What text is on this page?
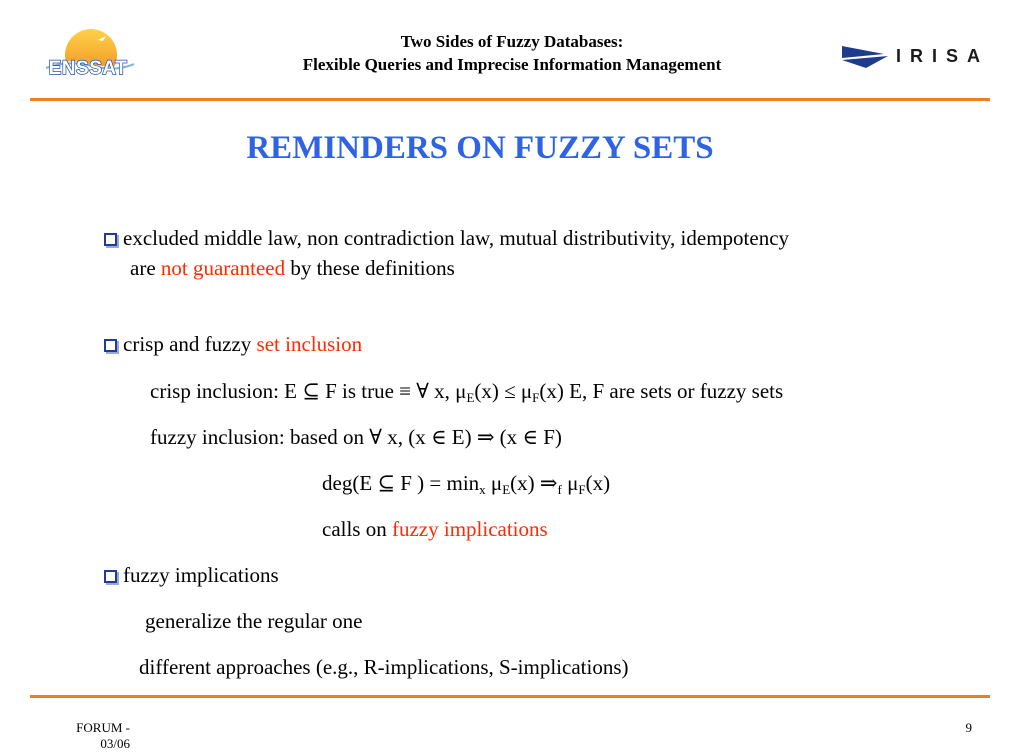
ENSSAT
Two Sides of Fuzzy Databases:
Flexible Queries and Imprecise Information Management	IRISA
REMINDERS ON FUZZY SETS
excluded middle law, non contradiction law, mutual distributivity, idempotency
are not guaranteed by these definitions
crisp and fuzzy set inclusion
crisp inclusion: E ⊆ F is true ≡ ∀ x, $\mu_E(x) \le \mu_F(x)$ E, F are sets or fuzzy sets
fuzzy inclusion: based on ∀ x, (x ∈ E) ⇒ (x ∈ F)
deg(E ⊆ F ) = $\min_x \mu_E(x)$ $\Rightarrow_f$ $\mu_F(x)$
calls on fuzzy implications
fuzzy implications
generalize the regular one
different approaches (e.g., R-implications, S-implications)
FORUM -
03/06
9
